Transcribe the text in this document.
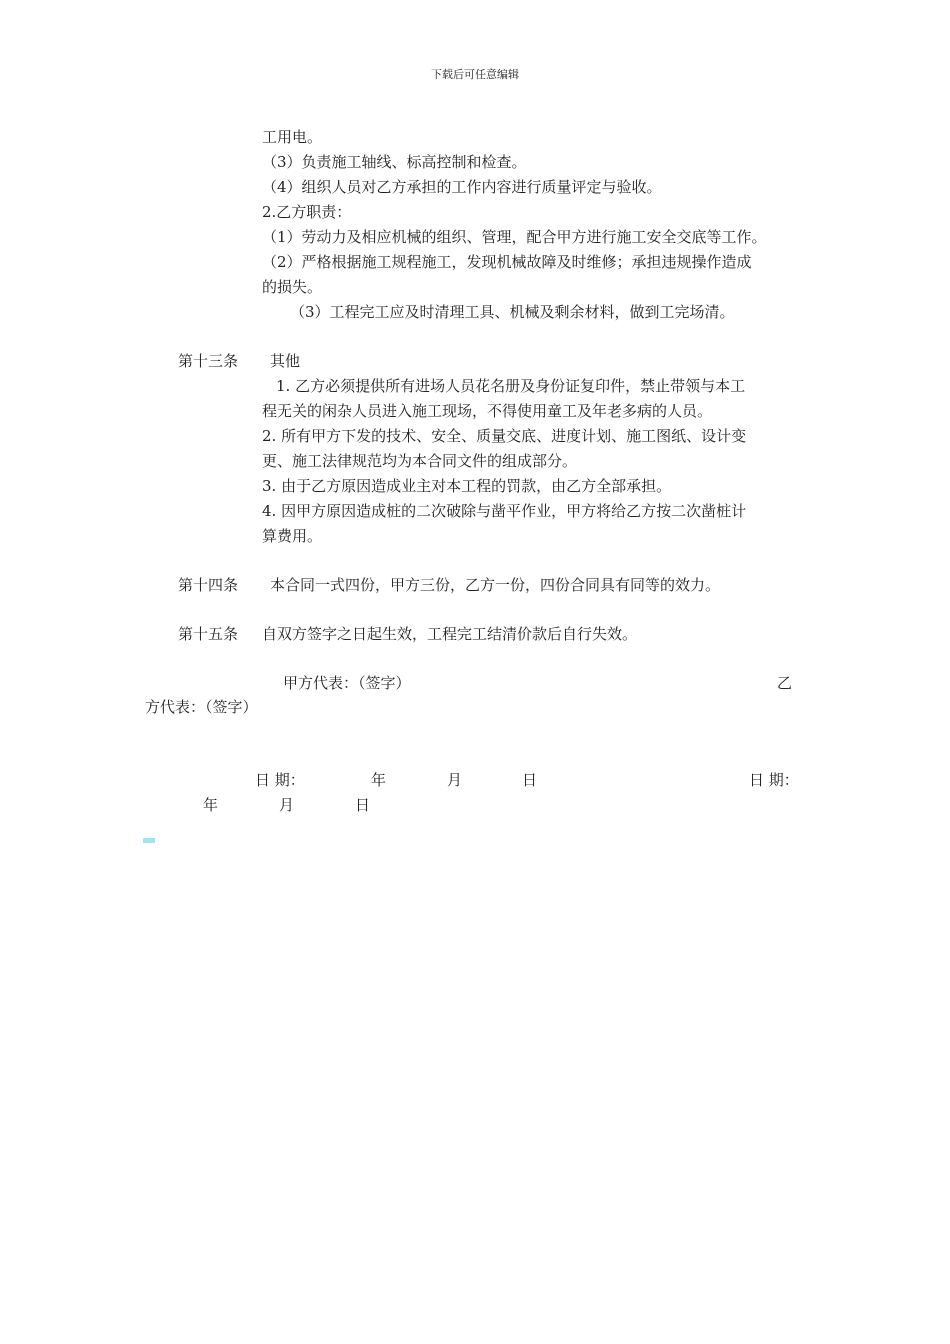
下载后可任意编辑
工用电。
（3）负责施工轴线、标高控制和检查。
（4）组织人员对乙方承担的工作内容进行质量评定与验收。
2.乙方职责：
（1）劳动力及相应机械的组织、管理，配合甲方进行施工安全交底等工作。
（2）严格根据施工规程施工，发现机械故障及时维修；承担违规操作造成
的损失。
（3）工程完工应及时清理工具、机械及剩余材料，做到工完场清。
第十三条 其他
1. 乙方必须提供所有进场人员花名册及身份证复印件，禁止带领与本工
程无关的闲杂人员进入施工现场，不得使用童工及年老多病的人员。
2. 所有甲方下发的技术、安全、质量交底、进度计划、施工图纸、设计变
更、施工法律规范均为本合同文件的组成部分。
3. 由于乙方原因造成业主对本工程的罚款，由乙方全部承担。
4. 因甲方原因造成桩的二次破除与凿平作业，甲方将给乙方按二次凿桩计
算费用。
第十四条 本合同一式四份，甲方三份，乙方一份，四份合同具有同等的效力。
第十五条 自双方签字之日起生效，工程完工结清价款后自行失效。
甲方代表：（签字）	乙
方代表：（签字）
日 期：	年	月	日	日 期：
年	月	日
